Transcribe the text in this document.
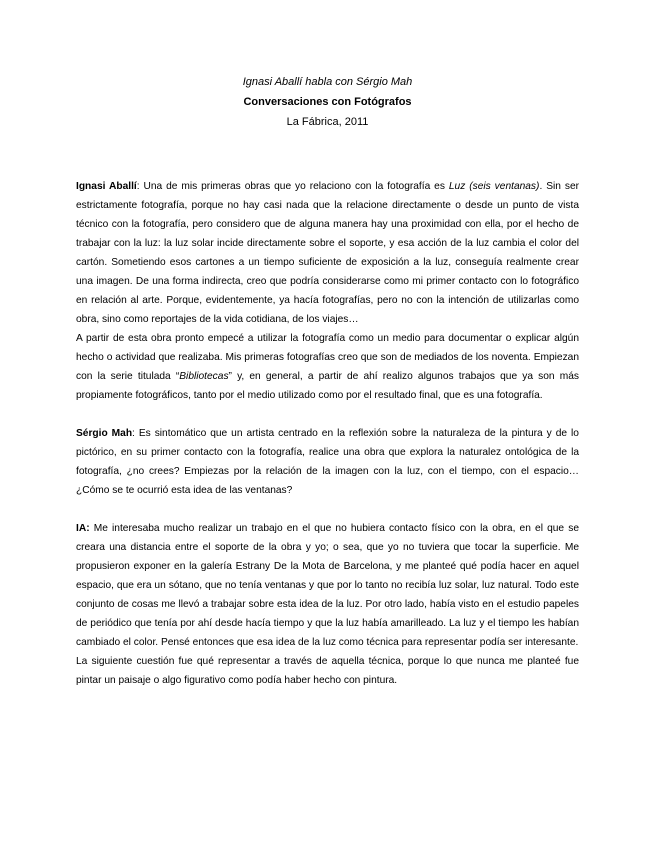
Ignasi Aballí habla con Sérgio Mah
Conversaciones con Fotógrafos
La Fábrica, 2011

Ignasi Aballí: Una de mis primeras obras que yo relaciono con la fotografía es Luz (seis ventanas). Sin ser estrictamente fotografía, porque no hay casi nada que la relacione directamente o desde un punto de vista técnico con la fotografía, pero considero que de alguna manera hay una proximidad con ella, por el hecho de trabajar con la luz: la luz solar incide directamente sobre el soporte, y esa acción de la luz cambia el color del cartón. Sometiendo esos cartones a un tiempo suficiente de exposición a la luz, conseguía realmente crear una imagen. De una forma indirecta, creo que podría considerarse como mi primer contacto con lo fotográfico en relación al arte. Porque, evidentemente, ya hacía fotografías, pero no con la intención de utilizarlas como obra, sino como reportajes de la vida cotidiana, de los viajes…

A partir de esta obra pronto empecé a utilizar la fotografía como un medio para documentar o explicar algún hecho o actividad que realizaba. Mis primeras fotografías creo que son de mediados de los noventa. Empiezan con la serie titulada “Bibliotecas” y, en general, a partir de ahí realizo algunos trabajos que ya son más propiamente fotográficos, tanto por el medio utilizado como por el resultado final, que es una fotografía.

Sérgio Mah: Es sintomático que un artista centrado en la reflexión sobre la naturaleza de la pintura y de lo pictórico, en su primer contacto con la fotografía, realice una obra que explora la naturalez ontológica de la fotografía, ¿no crees? Empiezas por la relación de la imagen con la luz, con el tiempo, con el espacio… ¿Cómo se te ocurrió esta idea de las ventanas?

IA: Me interesaba mucho realizar un trabajo en el que no hubiera contacto físico con la obra, en el que se creara una distancia entre el soporte de la obra y yo; o sea, que yo no tuviera que tocar la superficie. Me propusieron exponer en la galería Estrany De la Mota de Barcelona, y me planteé qué podía hacer en aquel espacio, que era un sótano, que no tenía ventanas y que por lo tanto no recibía luz solar, luz natural. Todo este conjunto de cosas me llevó a trabajar sobre esta idea de la luz. Por otro lado, había visto en el estudio papeles de periódico que tenía por ahí desde hacía tiempo y que la luz había amarilleado. La luz y el tiempo les habían cambiado el color. Pensé entonces que esa idea de la luz como técnica para representar podía ser interesante.

La siguiente cuestión fue qué representar a través de aquella técnica, porque lo que nunca me planteé fue pintar un paisaje o algo figurativo como podía haber hecho con pintura.
